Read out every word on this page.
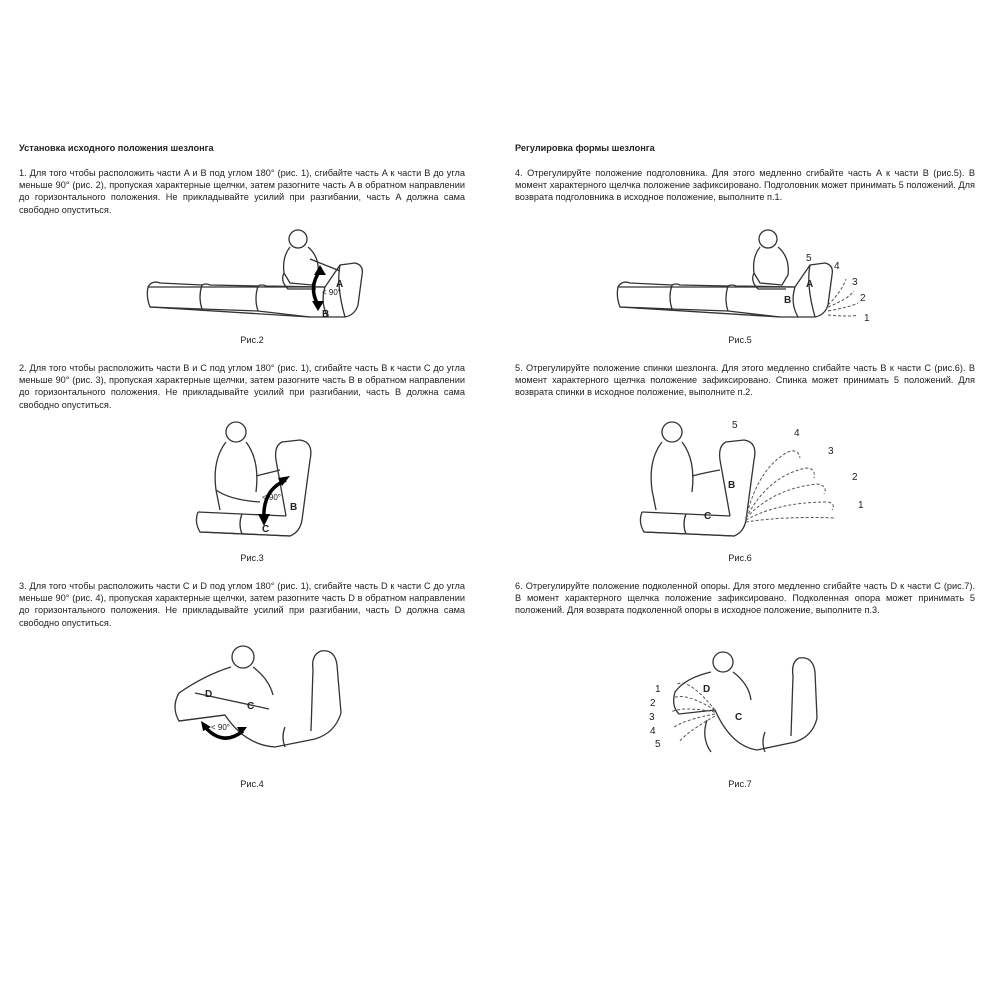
Установка исходного положения шезлонга

1. Для того чтобы расположить части A и B под углом 180° (рис. 1), сгибайте часть A к части B до угла меньше 90° (рис. 2), пропуская характерные щелчки, затем разогните часть A в обратном направлении до горизонтального положения. Не прикладывайте усилий при разгибании, часть A должна сама свободно опуститься.

A
B
< 90°
Рис.2

2. Для того чтобы расположить части B и C под углом 180° (рис. 1), сгибайте часть B к части C до угла меньше 90° (рис. 3), пропуская характерные щелчки, затем разогните часть B в обратном направлении до горизонтального положения. Не прикладывайте усилий при разгибании, часть B должна сама свободно опуститься.

B
C
< 90°
Рис.3

3. Для того чтобы расположить части C и D под углом 180° (рис. 1), сгибайте часть D к части C до угла меньше 90° (рис. 4), пропуская характерные щелчки, затем разогните часть D в обратном направлении до горизонтального положения. Не прикладывайте усилий при разгибании, часть D должна сама свободно опуститься.

D
C
< 90°
Рис.4
Регулировка формы шезлонга

4. Отрегулируйте положение подголовника. Для этого медленно сгибайте часть A к части B (рис.5). В момент характерного щелчка положение зафиксировано. Подголовник может принимать 5 положений. Для возврата подголовника в исходное положение, выполните п.1.

A
B
5
4
3
2
1
Рис.5

5. Отрегулируйте положение спинки шезлонга. Для этого медленно сгибайте часть B к части C (рис.6). В момент характерного щелчка положение зафиксировано. Спинка может принимать 5 положений. Для возврата спинки в исходное положение, выполните п.2.

B
C
5
4
3
2
1
Рис.6

6. Отрегулируйте положение подколенной опоры. Для этого медленно сгибайте часть D к части C (рис.7). В момент характерного щелчка положение зафиксировано. Подколенная опора может принимать 5 положений. Для возврата подколенной опоры в исходное положение, выполните п.3.

D
C
1
2
3
4
5
Рис.7
